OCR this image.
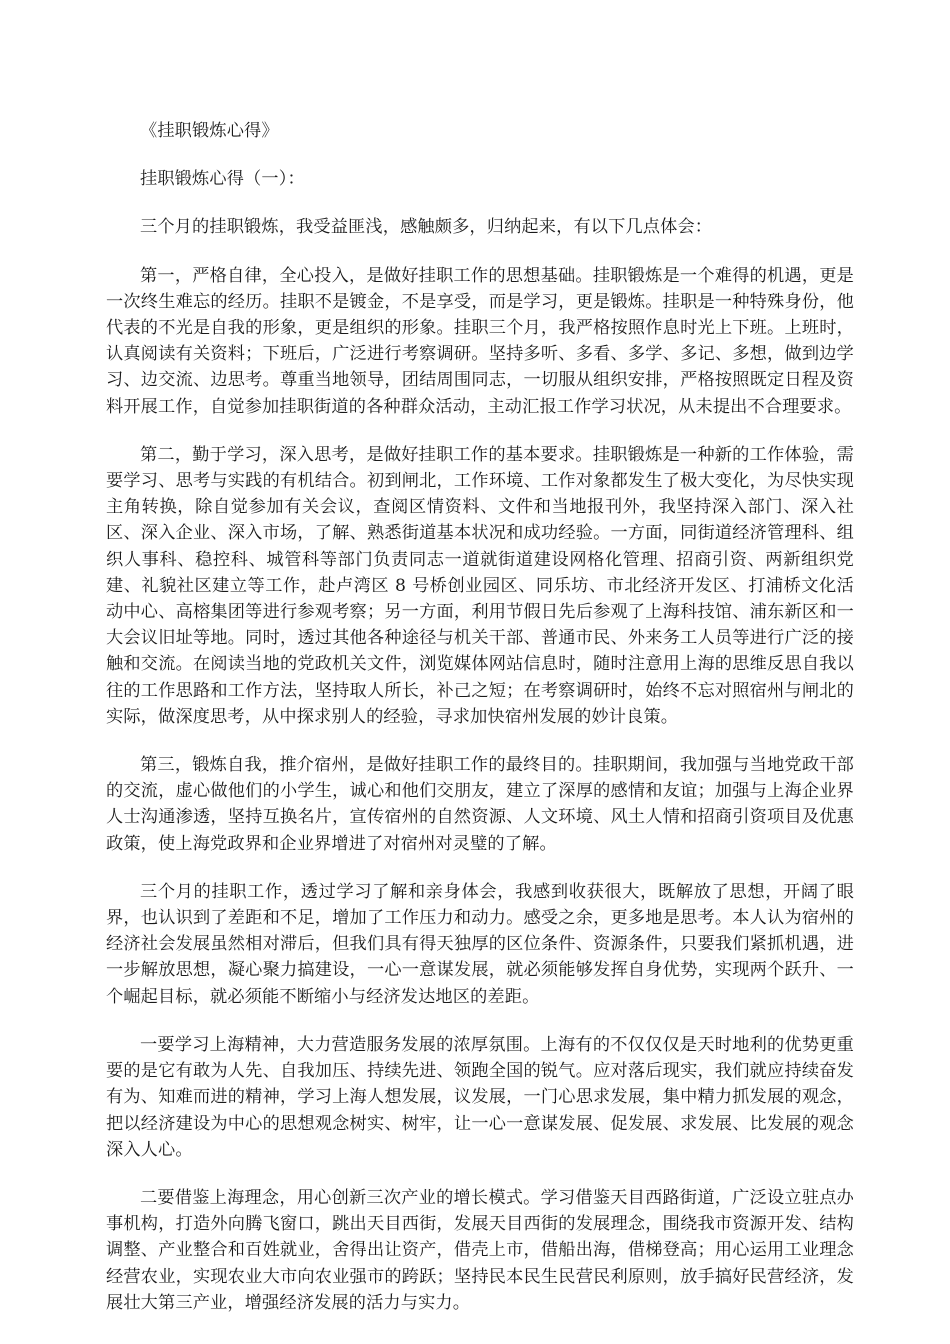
《挂职锻炼心得》
挂职锻炼心得（一）：

三个月的挂职锻炼，我受益匪浅，感触颇多，归纳起来，有以下几点体会：

第一，严格自律，全心投入，是做好挂职工作的思想基础。挂职锻炼是一个难得的机遇，更是一次终生难忘的经历。挂职不是镀金，不是享受，而是学习，更是锻炼。挂职是一种特殊身份，他代表的不光是自我的形象，更是组织的形象。挂职三个月，我严格按照作息时光上下班。上班时，认真阅读有关资料；下班后，广泛进行考察调研。坚持多听、多看、多学、多记、多想，做到边学习、边交流、边思考。尊重当地领导，团结周围同志，一切服从组织安排，严格按照既定日程及资料开展工作，自觉参加挂职街道的各种群众活动，主动汇报工作学习状况，从未提出不合理要求。

第二，勤于学习，深入思考，是做好挂职工作的基本要求。挂职锻炼是一种新的工作体验，需要学习、思考与实践的有机结合。初到闸北，工作环境、工作对象都发生了极大变化，为尽快实现主角转换，除自觉参加有关会议，查阅区情资料、文件和当地报刊外，我坚持深入部门、深入社区、深入企业、深入市场，了解、熟悉街道基本状况和成功经验。一方面，同街道经济管理科、组织人事科、稳控科、城管科等部门负责同志一道就街道建设网格化管理、招商引资、两新组织党建、礼貌社区建立等工作，赴卢湾区 8 号桥创业园区、同乐坊、市北经济开发区、打浦桥文化活动中心、高榕集团等进行参观考察；另一方面，利用节假日先后参观了上海科技馆、浦东新区和一大会议旧址等地。同时，透过其他各种途径与机关干部、普通市民、外来务工人员等进行广泛的接触和交流。在阅读当地的党政机关文件，浏览媒体网站信息时，随时注意用上海的思维反思自我以往的工作思路和工作方法，坚持取人所长，补己之短；在考察调研时，始终不忘对照宿州与闸北的实际，做深度思考，从中探求别人的经验，寻求加快宿州发展的妙计良策。

第三，锻炼自我，推介宿州，是做好挂职工作的最终目的。挂职期间，我加强与当地党政干部的交流，虚心做他们的小学生，诚心和他们交朋友，建立了深厚的感情和友谊；加强与上海企业界人士沟通渗透，坚持互换名片，宣传宿州的自然资源、人文环境、风土人情和招商引资项目及优惠政策，使上海党政界和企业界增进了对宿州对灵璧的了解。

三个月的挂职工作，透过学习了解和亲身体会，我感到收获很大，既解放了思想，开阔了眼界，也认识到了差距和不足，增加了工作压力和动力。感受之余，更多地是思考。本人认为宿州的经济社会发展虽然相对滞后，但我们具有得天独厚的区位条件、资源条件，只要我们紧抓机遇，进一步解放思想，凝心聚力搞建设，一心一意谋发展，就必须能够发挥自身优势，实现两个跃升、一个崛起目标，就必须能不断缩小与经济发达地区的差距。

一要学习上海精神，大力营造服务发展的浓厚氛围。上海有的不仅仅仅是天时地利的优势更重要的是它有敢为人先、自我加压、持续先进、领跑全国的锐气。应对落后现实，我们就应持续奋发有为、知难而进的精神，学习上海人想发展，议发展，一门心思求发展，集中精力抓发展的观念，把以经济建设为中心的思想观念树实、树牢，让一心一意谋发展、促发展、求发展、比发展的观念深入人心。

二要借鉴上海理念，用心创新三次产业的增长模式。学习借鉴天目西路街道，广泛设立驻点办事机构，打造外向腾飞窗口，跳出天目西街，发展天目西街的发展理念，围绕我市资源开发、结构调整、产业整合和百姓就业，舍得出让资产，借壳上市，借船出海，借梯登高；用心运用工业理念经营农业，实现农业大市向农业强市的跨跃；坚持民本民生民营民利原则，放手搞好民营经济，发展壮大第三产业，增强经济发展的活力与实力。
